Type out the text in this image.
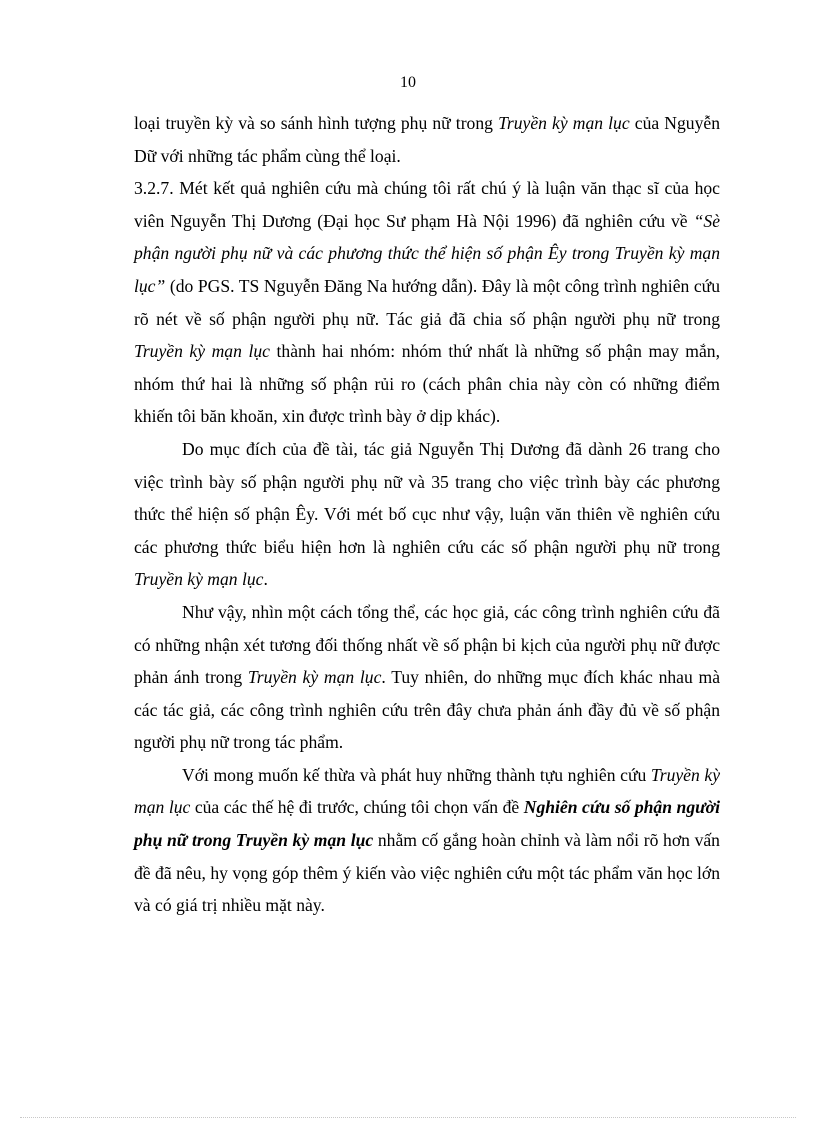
10

loại truyền kỳ và so sánh hình tượng phụ nữ trong Truyền kỳ mạn lục của Nguyễn Dữ với những tác phẩm cùng thể loại.

3.2.7. Mét kết quả nghiên cứu mà chúng tôi rất chú ý là luận văn thạc sĩ của học viên Nguyễn Thị Dương (Đại học Sư phạm Hà Nội 1996) đã nghiên cứu về “Sè phận người phụ nữ và các phương thức thể hiện số phận Êy trong Truyền kỳ mạn lục” (do PGS. TS Nguyễn Đăng Na hướng dẫn). Đây là một công trình nghiên cứu rõ nét về số phận người phụ nữ. Tác giả đã chia số phận người phụ nữ trong Truyền kỳ mạn lục thành hai nhóm: nhóm thứ nhất là những số phận may mắn, nhóm thứ hai là những số phận rủi ro (cách phân chia này còn có những điểm khiến tôi băn khoăn, xin được trình bày ở dịp khác).

Do mục đích của đề tài, tác giả Nguyễn Thị Dương đã dành 26 trang cho việc trình bày số phận người phụ nữ và 35 trang cho việc trình bày các phương thức thể hiện số phận Êy. Với mét bố cục như vậy, luận văn thiên về nghiên cứu các phương thức biểu hiện hơn là nghiên cứu các số phận người phụ nữ trong Truyền kỳ mạn lục.

Như vậy, nhìn một cách tổng thể, các học giả, các công trình nghiên cứu đã có những nhận xét tương đối thống nhất về số phận bi kịch của người phụ nữ được phản ánh trong Truyền kỳ mạn lục. Tuy nhiên, do những mục đích khác nhau mà các tác giả, các công trình nghiên cứu trên đây chưa phản ánh đầy đủ về số phận người phụ nữ trong tác phẩm.

Với mong muốn kế thừa và phát huy những thành tựu nghiên cứu Truyền kỳ mạn lục của các thế hệ đi trước, chúng tôi chọn vấn đề Nghiên cứu số phận người phụ nữ trong Truyền kỳ mạn lục nhằm cố gắng hoàn chỉnh và làm nổi rõ hơn vấn đề đã nêu, hy vọng góp thêm ý kiến vào việc nghiên cứu một tác phẩm văn học lớn và có giá trị nhiều mặt này.
